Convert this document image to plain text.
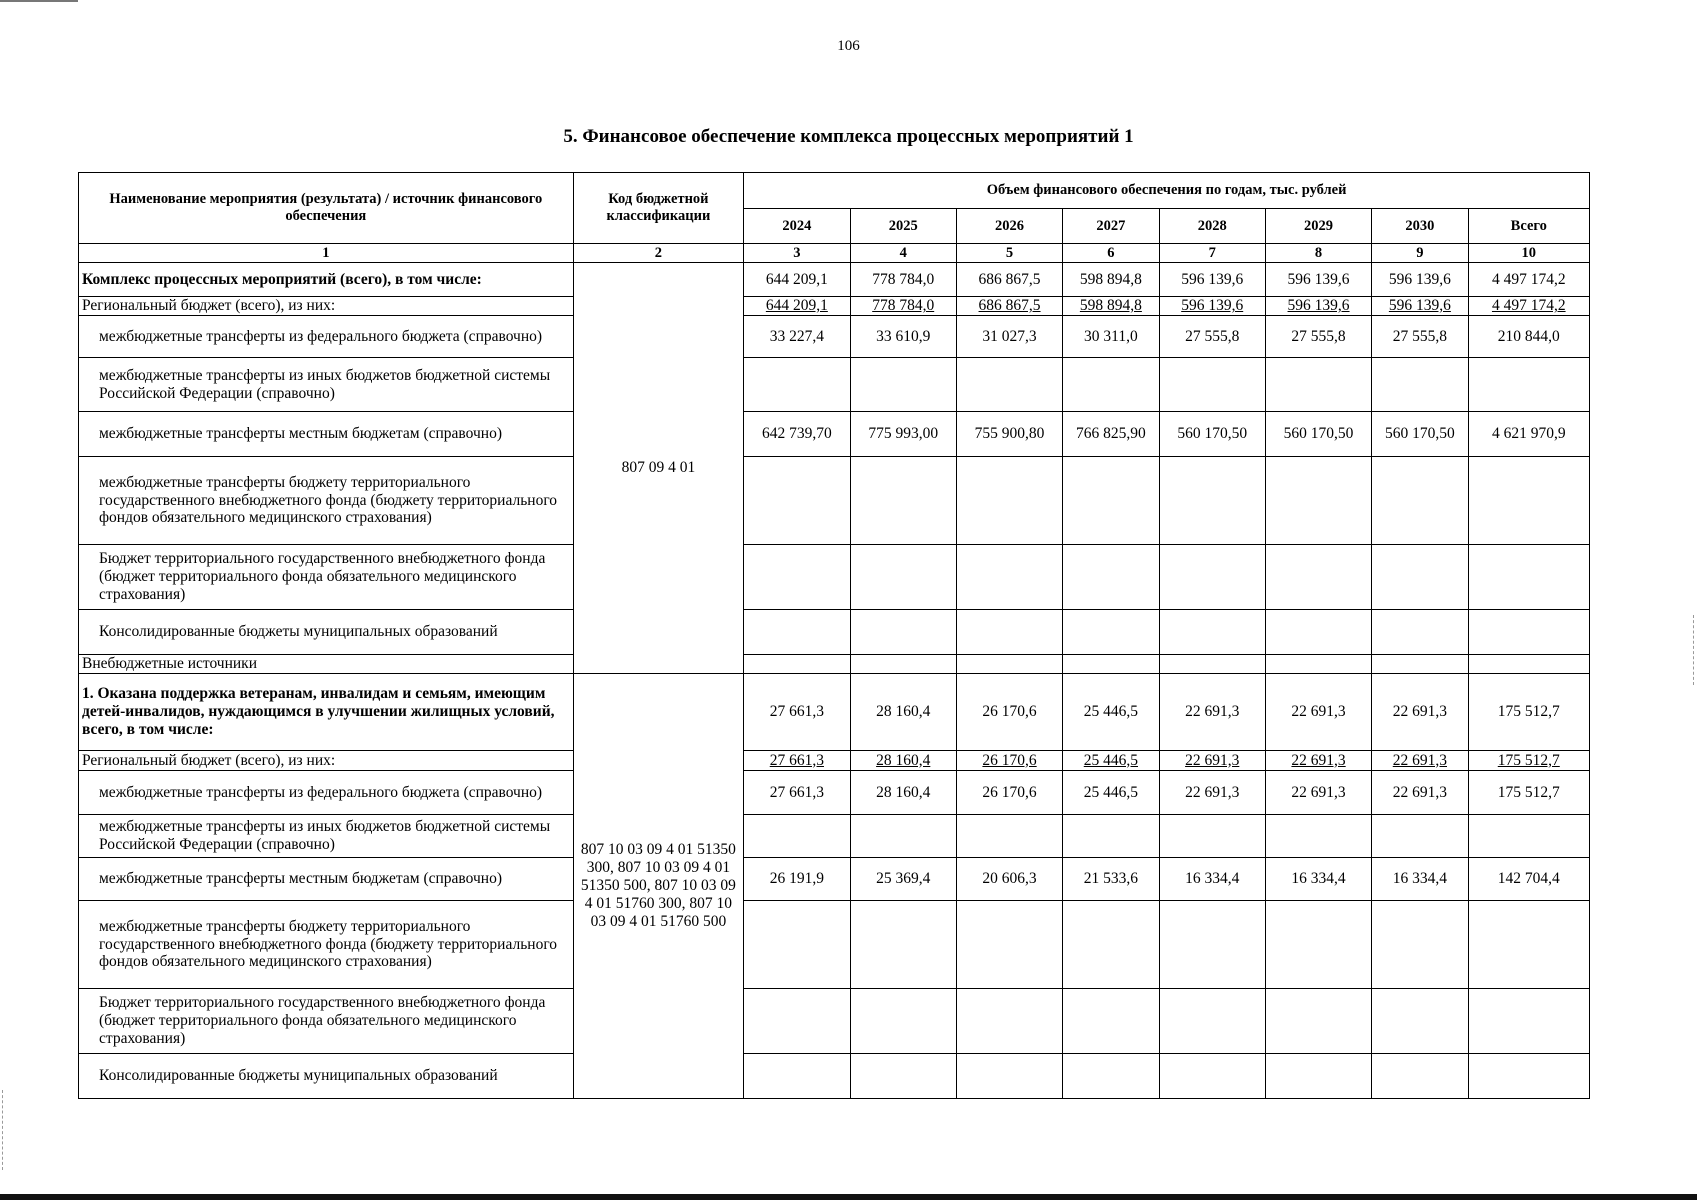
106
5. Финансовое обеспечение комплекса процессных мероприятий 1
Наименование мероприятия (результата) / источник финансового обеспечения	Код бюджетной классификации	Объем финансового обеспечения по годам, тыс. рублей							
		2024	2025	2026	2027	2028	2029	2030	Всего
1	2	3	4	5	6	7	8	9	10
Комплекс процессных мероприятий (всего), в том числе:	807 09 4 01	644 209,1	778 784,0	686 867,5	598 894,8	596 139,6	596 139,6	596 139,6	4 497 174,2
Региональный бюджет (всего), из них:		644 209,1	778 784,0	686 867,5	598 894,8	596 139,6	596 139,6	596 139,6	4 497 174,2
межбюджетные трансферты из федерального бюджета (справочно)		33 227,4	33 610,9	31 027,3	30 311,0	27 555,8	27 555,8	27 555,8	210 844,0
межбюджетные трансферты из иных бюджетов бюджетной системы Российской Федерации (справочно)									
межбюджетные трансферты местным бюджетам (справочно)		642 739,70	775 993,00	755 900,80	766 825,90	560 170,50	560 170,50	560 170,50	4 621 970,9
межбюджетные трансферты бюджету территориального государственного внебюджетного фонда (бюджету территориального фондов обязательного медицинского страхования)									
Бюджет территориального государственного внебюджетного фонда (бюджет территориального фонда обязательного медицинского страхования)									
Консолидированные бюджеты муниципальных образований									
Внебюджетные источники									
1. Оказана поддержка ветеранам, инвалидам и семьям, имеющим детей-инвалидов, нуждающимся в улучшении жилищных условий, всего, в том числе:	807 10 03 09 4 01 51350 300, 807 10 03 09 4 01 51350 500, 807 10 03 09 4 01 51760 300, 807 10 03 09 4 01 51760 500	27 661,3	28 160,4	26 170,6	25 446,5	22 691,3	22 691,3	22 691,3	175 512,7
Региональный бюджет (всего), из них:		27 661,3	28 160,4	26 170,6	25 446,5	22 691,3	22 691,3	22 691,3	175 512,7
межбюджетные трансферты из федерального бюджета (справочно)		27 661,3	28 160,4	26 170,6	25 446,5	22 691,3	22 691,3	22 691,3	175 512,7
межбюджетные трансферты из иных бюджетов бюджетной системы Российской Федерации (справочно)									
межбюджетные трансферты местным бюджетам (справочно)		26 191,9	25 369,4	20 606,3	21 533,6	16 334,4	16 334,4	16 334,4	142 704,4
межбюджетные трансферты бюджету территориального государственного внебюджетного фонда (бюджету территориального фондов обязательного медицинского страхования)									
Бюджет территориального государственного внебюджетного фонда (бюджет территориального фонда обязательного медицинского страхования)									
Консолидированные бюджеты муниципальных образований									
